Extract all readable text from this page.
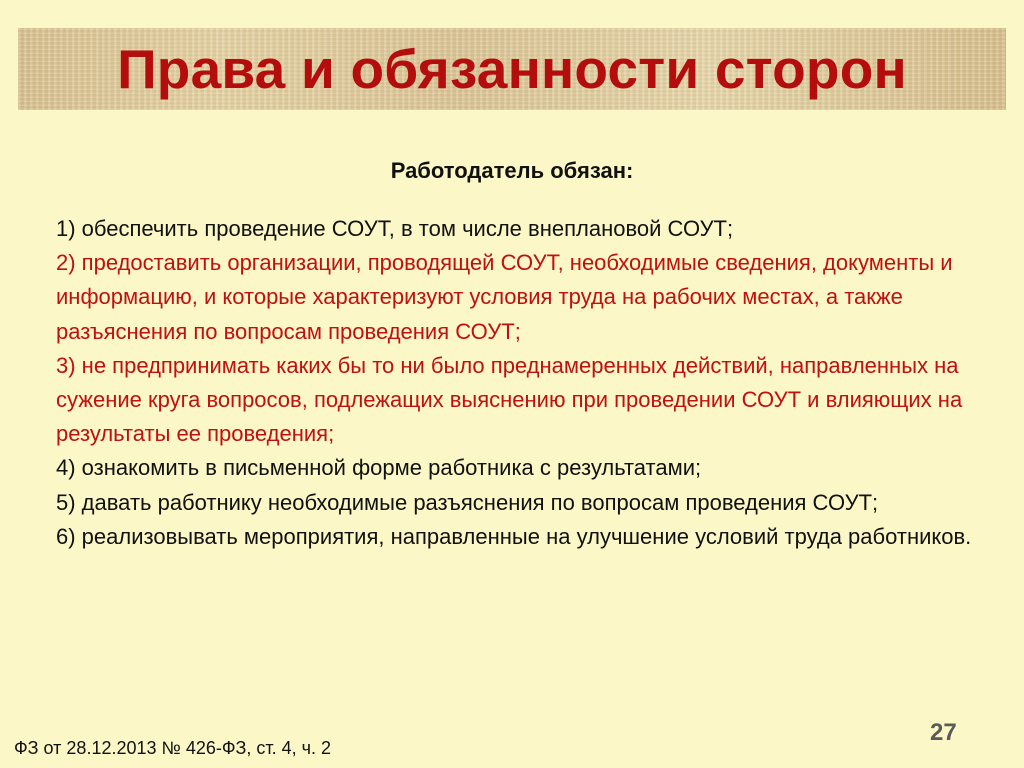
Права и обязанности сторон
Работодатель обязан:
1) обеспечить проведение СОУТ, в том числе внеплановой СОУТ;
2) предоставить организации, проводящей СОУТ, необходимые сведения, документы и информацию, и которые характеризуют условия труда на рабочих местах, а также разъяснения по вопросам проведения СОУТ;
3) не предпринимать каких бы то ни было преднамеренных действий, направленных на сужение круга вопросов, подлежащих выяснению при проведении СОУТ и влияющих на результаты ее проведения;
4) ознакомить в письменной форме работника с результатами;
5) давать работнику необходимые разъяснения по вопросам проведения СОУТ;
6) реализовывать мероприятия, направленные на улучшение условий труда работников.
27
ФЗ от 28.12.2013 № 426-ФЗ, ст. 4, ч. 2
